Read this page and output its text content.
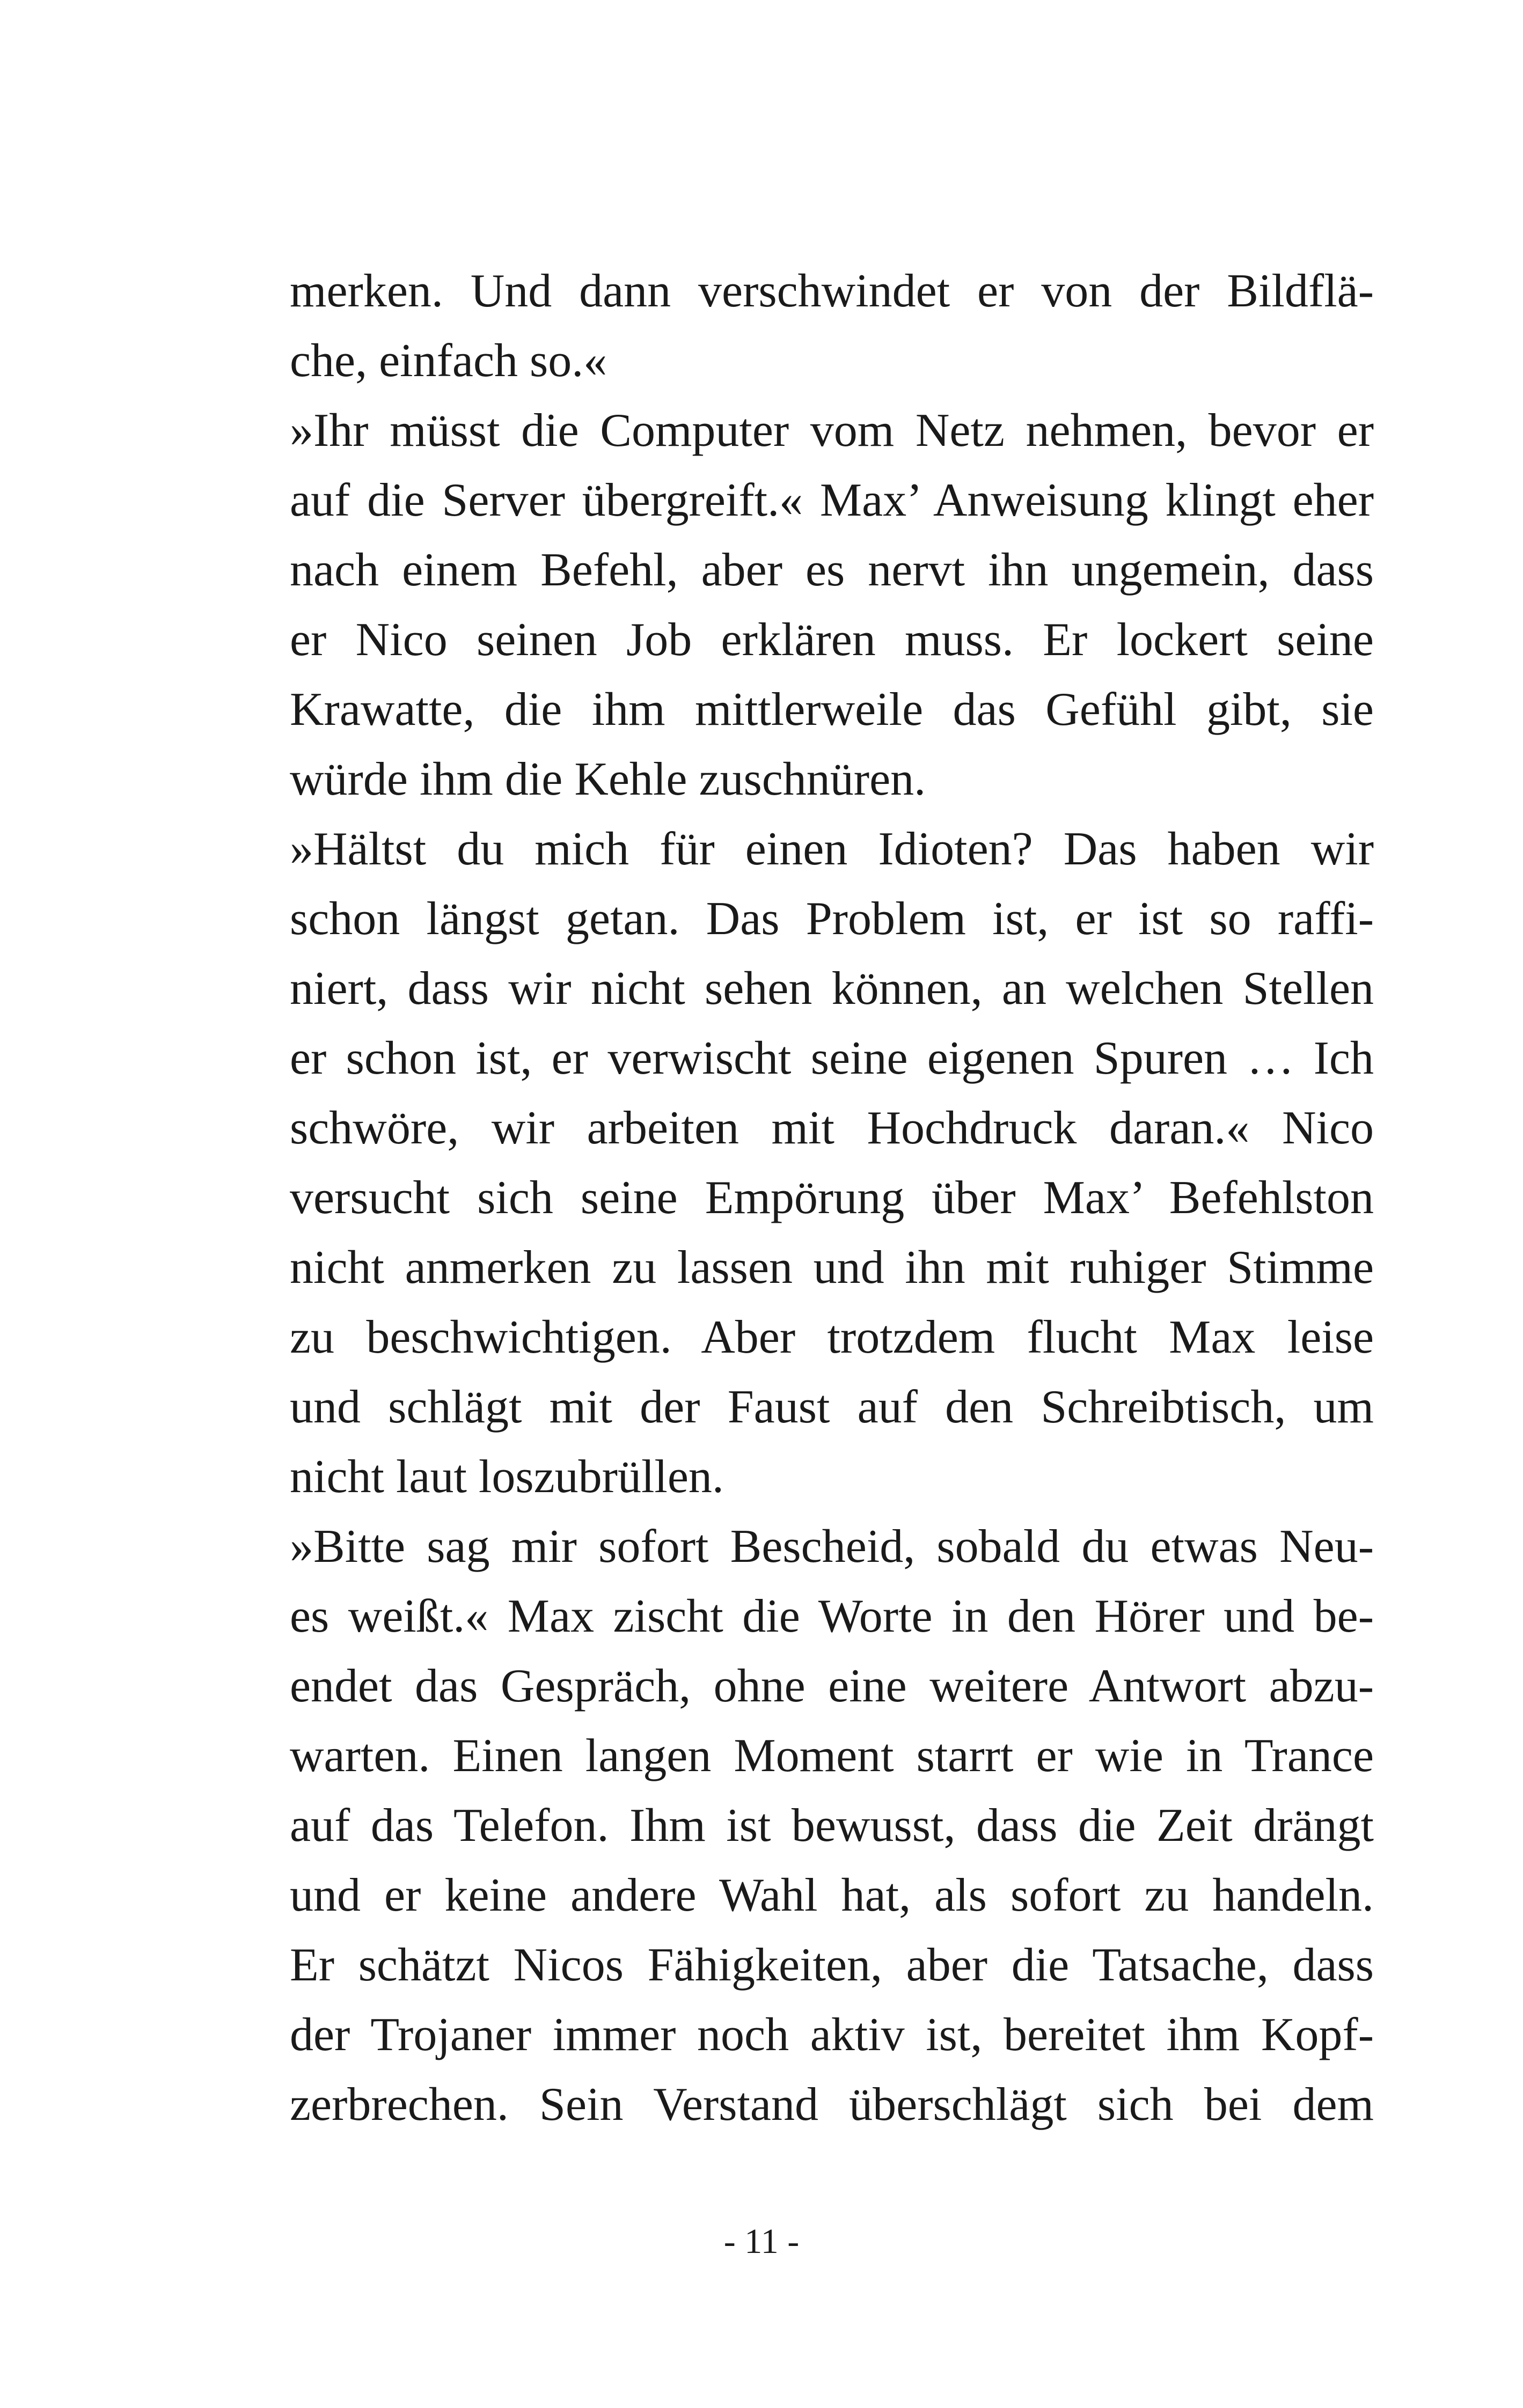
merken. Und dann verschwindet er von der Bildflä-
che, einfach so.«
»Ihr müsst die Computer vom Netz nehmen, bevor er
auf die Server übergreift.« Max’ Anweisung klingt eher
nach einem Befehl, aber es nervt ihn ungemein, dass
er Nico seinen Job erklären muss. Er lockert seine
Krawatte, die ihm mittlerweile das Gefühl gibt, sie
würde ihm die Kehle zuschnüren.
»Hältst du mich für einen Idioten? Das haben wir
schon längst getan. Das Problem ist, er ist so raffi-
niert, dass wir nicht sehen können, an welchen Stellen
er schon ist, er verwischt seine eigenen Spuren … Ich
schwöre, wir arbeiten mit Hochdruck daran.« Nico
versucht sich seine Empörung über Max’ Befehlston
nicht anmerken zu lassen und ihn mit ruhiger Stimme
zu beschwichtigen. Aber trotzdem flucht Max leise
und schlägt mit der Faust auf den Schreibtisch, um
nicht laut loszubrüllen.
»Bitte sag mir sofort Bescheid, sobald du etwas Neu-
es weißt.« Max zischt die Worte in den Hörer und be-
endet das Gespräch, ohne eine weitere Antwort abzu-
warten. Einen langen Moment starrt er wie in Trance
auf das Telefon. Ihm ist bewusst, dass die Zeit drängt
und er keine andere Wahl hat, als sofort zu handeln.
Er schätzt Nicos Fähigkeiten, aber die Tatsache, dass
der Trojaner immer noch aktiv ist, bereitet ihm Kopf-
zerbrechen. Sein Verstand überschlägt sich bei dem
- 11 -
